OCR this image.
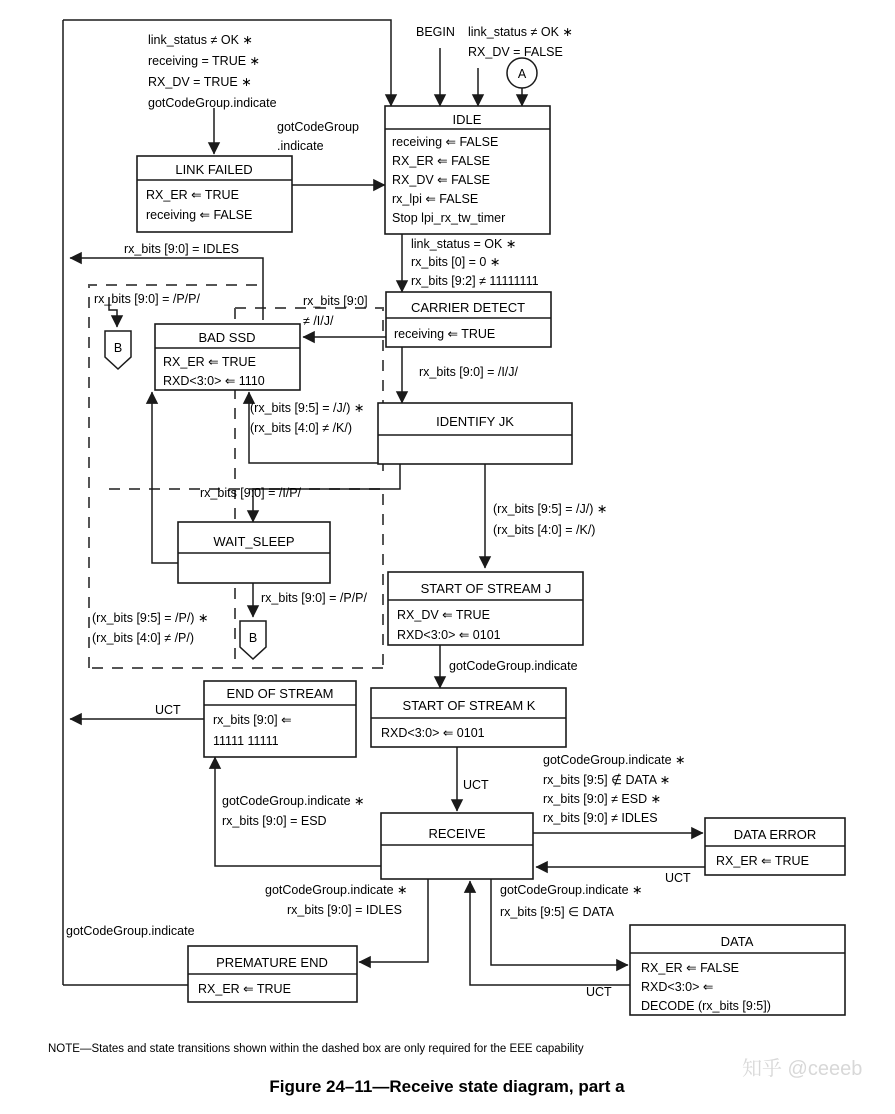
IDLE
receiving ⇐ FALSE
RX_ER ⇐ FALSE
RX_DV ⇐ FALSE
rx_lpi ⇐ FALSE
Stop lpi_rx_tw_timer
LINK FAILED
RX_ER ⇐ TRUE
receiving ⇐ FALSE
CARRIER DETECT
receiving ⇐ TRUE
BAD SSD
RX_ER ⇐ TRUE
RXD<3:0> ⇐ 1110
IDENTIFY JK
WAIT_SLEEP
START OF STREAM J
RX_DV ⇐ TRUE
RXD<3:0> ⇐ 0101
START OF STREAM K
RXD<3:0> ⇐ 0101
END OF STREAM
rx_bits [9:0] ⇐
11111 11111
RECEIVE	DATA ERROR
RX_ER ⇐ TRUE
DATA
RX_ER ⇐ FALSE
RXD<3:0> ⇐
DECODE (rx_bits [9:5])
PREMATURE END
RX_ER ⇐ TRUE
A
B
B
BEGIN link_status ≠ OK ∗
RX_DV = FALSE
link_status ≠ OK ∗
receiving = TRUE ∗
RX_DV = TRUE ∗
gotCodeGroup.indicate
gotCodeGroup
.indicate
link_status = OK ∗
rx_bits [0] = 0 ∗
rx_bits [9:2] ≠ 11111111
rx_bits [9:0]
≠ /I/J/
rx_bits [9:0] = /I/J/
rx_bits [9:0] = IDLES
rx_bits [9:0] = /P/P/
(rx_bits [9:5] = /J/) ∗
(rx_bits [4:0] ≠ /K/)
(rx_bits [9:5] = /J/) ∗
(rx_bits [4:0] = /K/)
rx_bits [9:0] = /I/P/
rx_bits [9:0] = /P/P/
(rx_bits [9:5] = /P/) ∗
(rx_bits [4:0] ≠ /P/)
gotCodeGroup.indicate
UCT
UCT
gotCodeGroup.indicate ∗
rx_bits [9:0] = ESD
gotCodeGroup.indicate ∗
rx_bits [9:5] ∉ DATA ∗
rx_bits [9:0] ≠ ESD ∗
rx_bits [9:0] ≠ IDLES
UCT
gotCodeGroup.indicate ∗
rx_bits [9:0] = IDLES
gotCodeGroup.indicate ∗
rx_bits [9:5] ∈ DATA
UCT
gotCodeGroup.indicate
NOTE—States and state transitions shown within the dashed box are only required for the EEE capability
Figure 24–11—Receive state diagram, part a
知乎 @ceeeb
